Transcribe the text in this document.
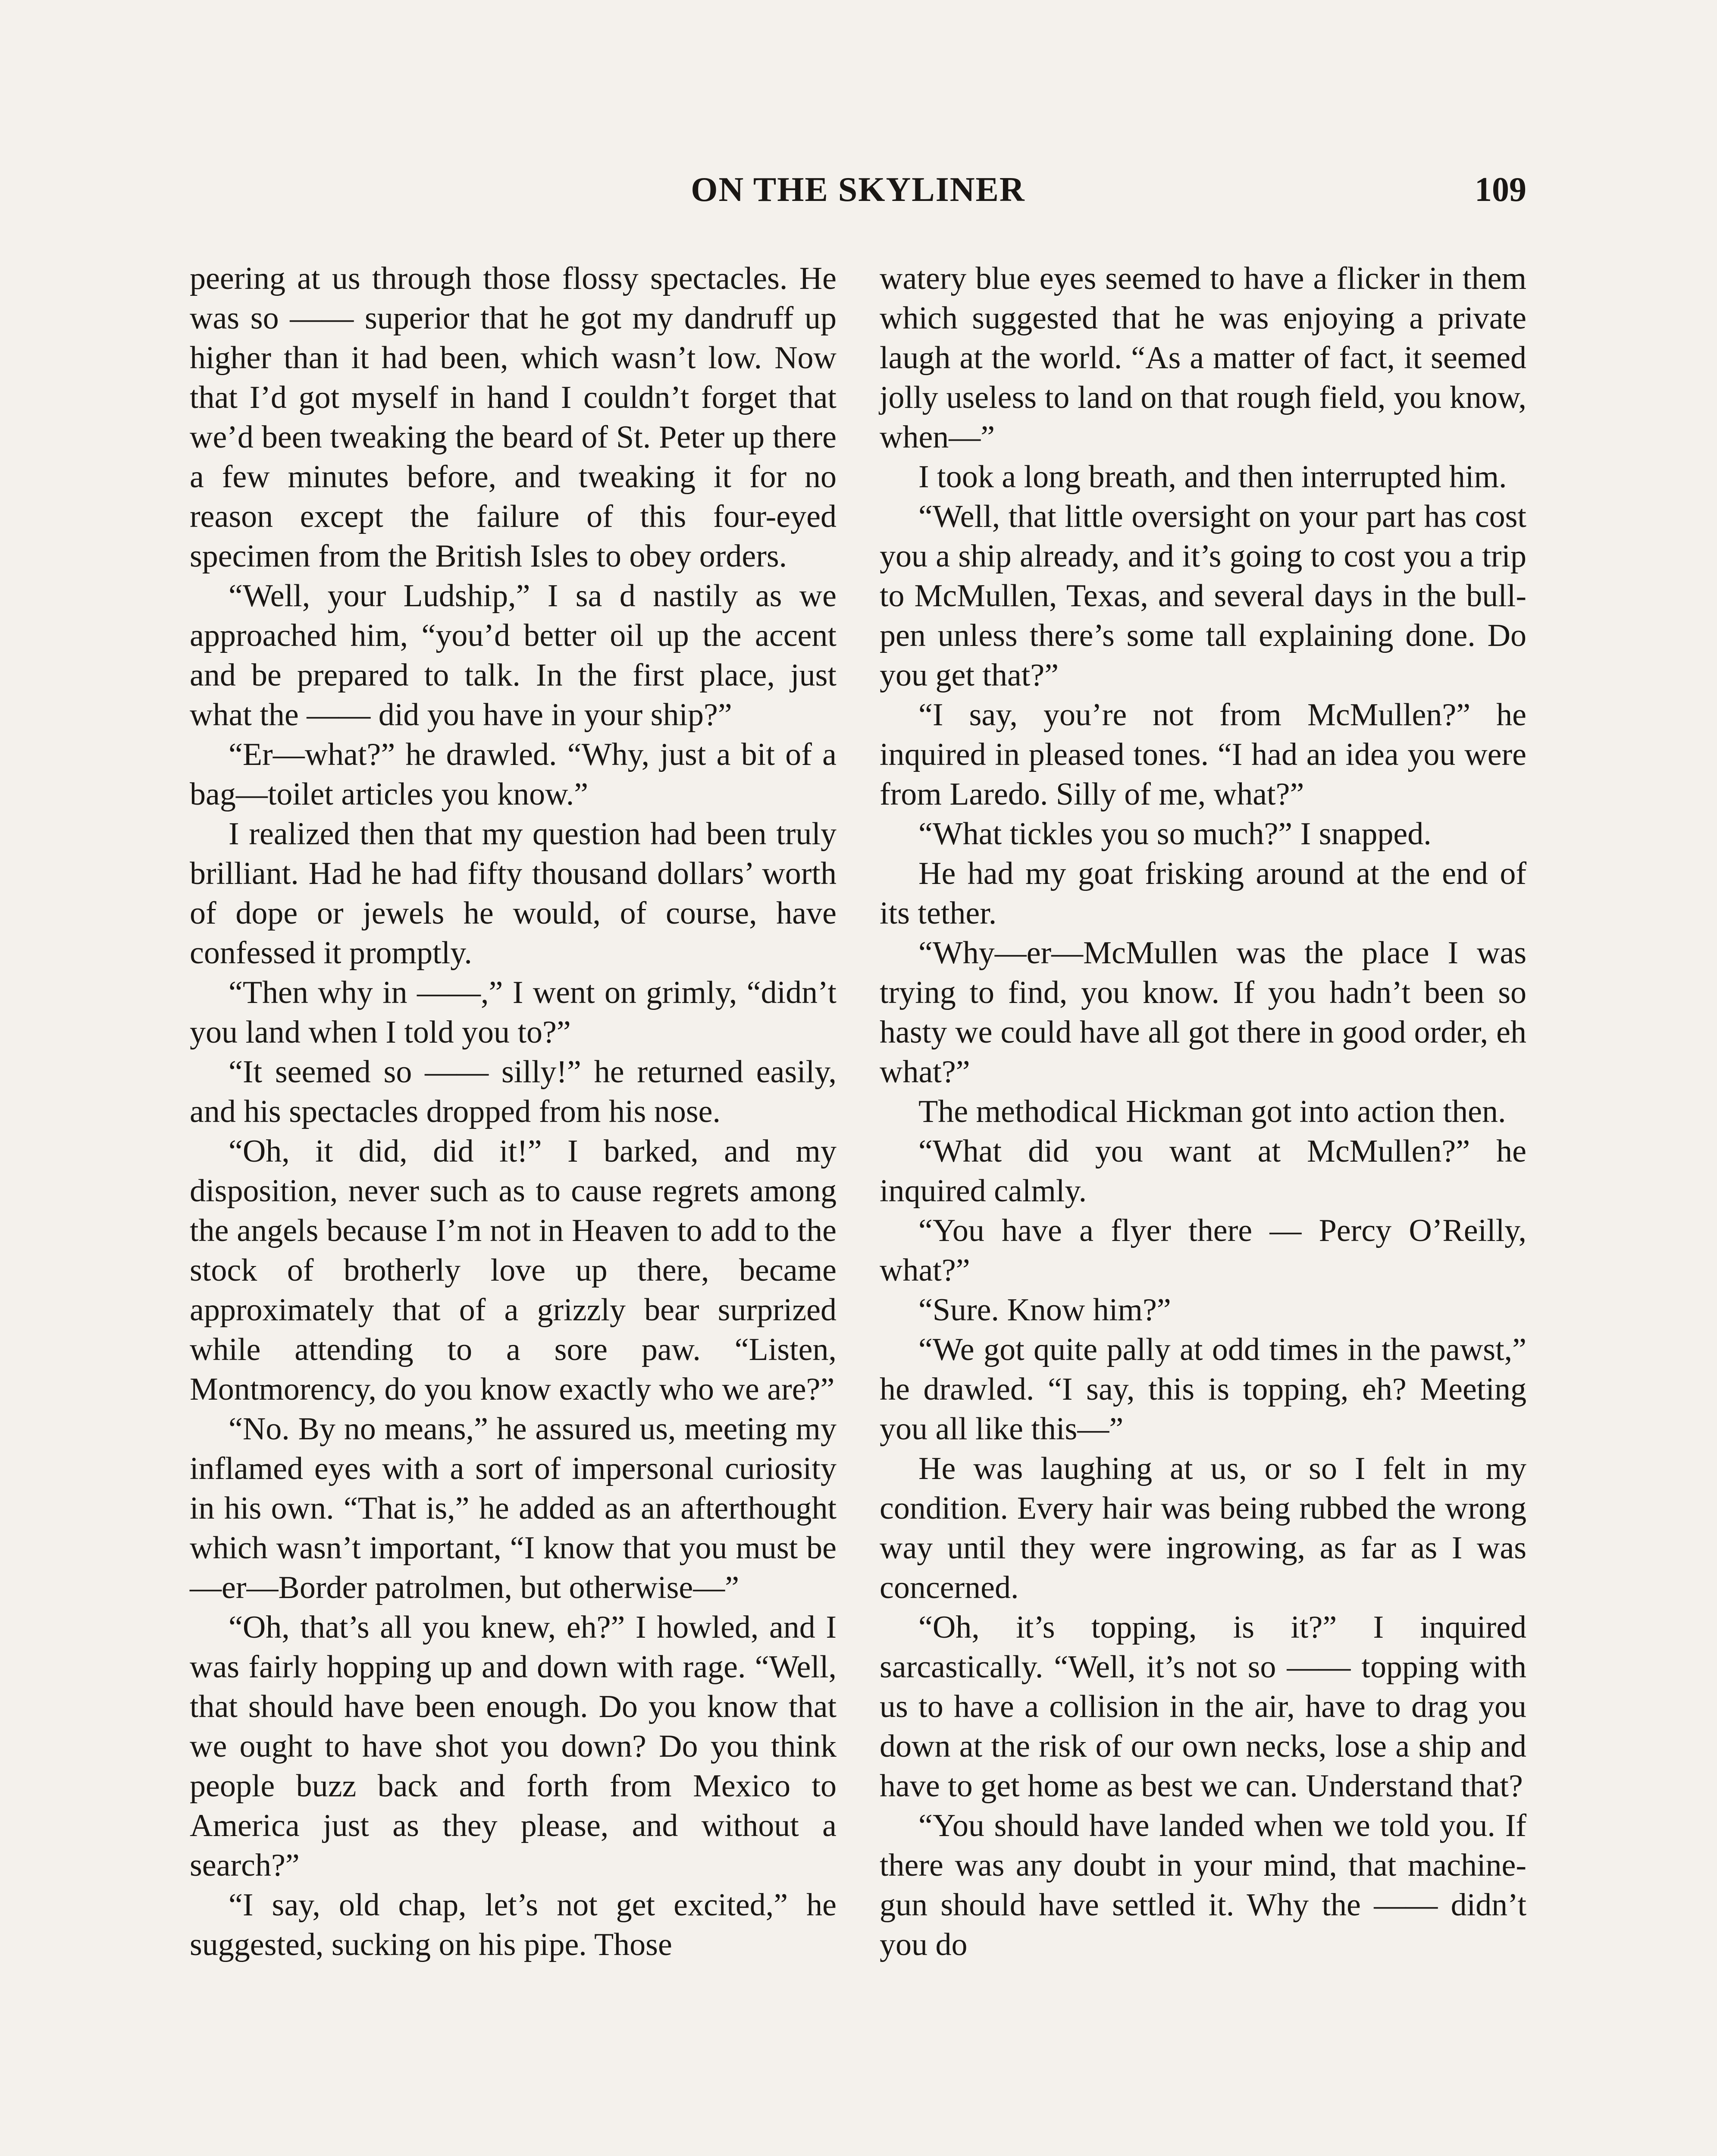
ON THE SKYLINER	109

peering at us through those flossy spectacles. He was so —— superior that he got my dandruff up higher than it had been, which wasn’t low. Now that I’d got myself in hand I couldn’t forget that we’d been tweaking the beard of St. Peter up there a few minutes before, and tweaking it for no reason except the failure of this four-eyed specimen from the British Isles to obey orders.

“Well, your Ludship,” I sa d nastily as we approached him, “you’d better oil up the accent and be prepared to talk. In the first place, just what the —— did you have in your ship?”

“Er—what?” he drawled. “Why, just a bit of a bag—toilet articles you know.”

I realized then that my question had been truly brilliant. Had he had fifty thousand dollars’ worth of dope or jewels he would, of course, have confessed it promptly.

“Then why in ——,” I went on grimly, “didn’t you land when I told you to?”

“It seemed so —— silly!” he returned easily, and his spectacles dropped from his nose.

“Oh, it did, did it!” I barked, and my disposition, never such as to cause regrets among the angels because I’m not in Heaven to add to the stock of brotherly love up there, became approximately that of a grizzly bear surprized while attending to a sore paw. “Listen, Montmorency, do you know exactly who we are?”

“No. By no means,” he assured us, meeting my inflamed eyes with a sort of impersonal curiosity in his own. “That is,” he added as an afterthought which wasn’t important, “I know that you must be—er—Border patrolmen, but otherwise—”

“Oh, that’s all you knew, eh?” I howled, and I was fairly hopping up and down with rage. “Well, that should have been enough. Do you know that we ought to have shot you down? Do you think people buzz back and forth from Mexico to America just as they please, and without a search?”

“I say, old chap, let’s not get excited,” he suggested, sucking on his pipe. Those

watery blue eyes seemed to have a flicker in them which suggested that he was enjoying a private laugh at the world. “As a matter of fact, it seemed jolly useless to land on that rough field, you know, when—”

I took a long breath, and then interrupted him.

“Well, that little oversight on your part has cost you a ship already, and it’s going to cost you a trip to McMullen, Texas, and several days in the bull-pen unless there’s some tall explaining done. Do you get that?”

“I say, you’re not from McMullen?” he inquired in pleased tones. “I had an idea you were from Laredo. Silly of me, what?”

“What tickles you so much?” I snapped.

He had my goat frisking around at the end of its tether.

“Why—er—McMullen was the place I was trying to find, you know. If you hadn’t been so hasty we could have all got there in good order, eh what?”

The methodical Hickman got into action then.

“What did you want at McMullen?” he inquired calmly.

“You have a flyer there — Percy O’Reilly, what?”

“Sure. Know him?”

“We got quite pally at odd times in the pawst,” he drawled. “I say, this is topping, eh? Meeting you all like this—”

He was laughing at us, or so I felt in my condition. Every hair was being rubbed the wrong way until they were ingrowing, as far as I was concerned.

“Oh, it’s topping, is it?” I inquired sarcastically. “Well, it’s not so —— topping with us to have a collision in the air, have to drag you down at the risk of our own necks, lose a ship and have to get home as best we can. Understand that?

“You should have landed when we told you. If there was any doubt in your mind, that machine-gun should have settled it. Why the —— didn’t you do
